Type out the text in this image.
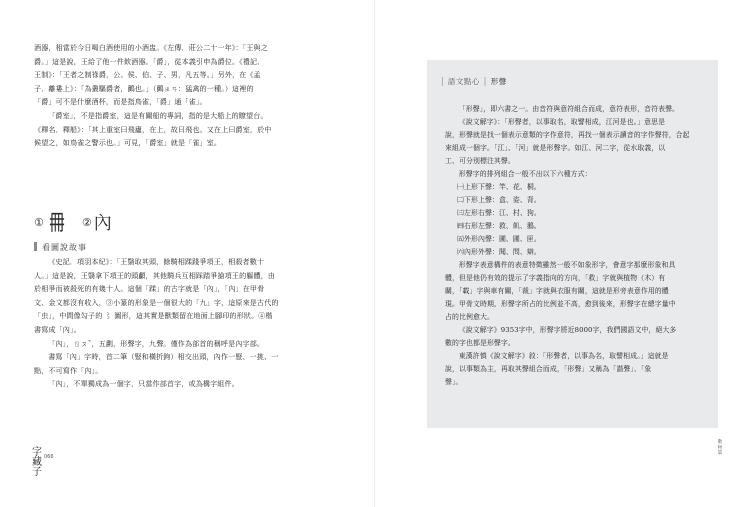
酒器，相當於今日喝白酒使用的小酒盅。《左傳．莊公二十一年》：「王與之

爵。」這是說，王給了他一件飲酒器。「爵」，從本義引申為爵位。《禮記．

王制》：「王者之制祿爵，公、侯、伯、子、男，凡五等。」另外，在《孟

子．離婁上》：「為叢驅爵者，鸇也。」（鸇ㄓㄢ：猛禽的一種。）這裡的

「爵」可不是什麼酒杯，而是指鳥雀，「爵」通「雀」。

「爵室」，不是指爵室，這是有關船的專詞，指的是大船上的瞭望台。

《釋名．釋船》：「其上重室曰飛廬，在上，故曰飛也。又在上曰爵室，於中

候望之，如鳥雀之警示也。」可見，「爵室」就是「雀」室。

① 𠕋 ② 內
看圖說故事

《史記．項羽本紀》：「王翳取其頭，餘騎相蹂踐爭項王，相殺者數十

人。」這是說，王翳拿下項王的頭顱，其他騎兵互相踩踏爭搶項王的軀體，由

於相爭而被殺死的有幾十人。這個「蹂」的古字就是「內」，「內」在甲骨

文、金文都沒有收入，③小篆的形象是一個很大的「九」字，這原來是古代的

「虫」，中間像勾子的 ⌇ 圖形，這其實是獸類留在地面上腳印的形狀。④楷

書寫成「內」。

「內」，ㄖㄡˇ，五劃，形聲字，九聲。僅作為部首的稱呼是內字部。

書寫「內」字時，首二筆（豎和橫折鉤）相交出頭，內作一豎、一挑、一

點，不可寫作「內」。

「內」，不單獨成為一個字，只當作部首字，或為構字組件。

字藏子
066
│ 語文點心 │ 形聲

「形聲」，即六書之一。由音符與意符組合而成，意符表形，音符表聲。

《說文解字》：「形聲者，以事取名，取譬相成，江河是也。」意思是

說，形聲就是找一個表示意類的字作意符，再找一個表示讀音的字作聲符，合起

來組成一個字。「江」、「河」就是形聲字。如江、河二字，從水取義，以

工、可分別標注其聲。

形聲字的排列組合一般不出以下六種方式：

㈠上形下聲：竿、花、桐。

㈡下形上聲：盒、姿、背。

㈢左形右聲：江、村、狗。

㈣右形左聲：救、飢、鵝。

㈤外形內聲：圃、圃、匣。

㈥內形外聲：聞、問、辯。

形聲字表意構件的表意特徵雖然一般不如象形字，會意字那麼形象和具

體，但是他仍有效的提示了字義指向的方向，「救」字就與植物（木）有

關，「載」字與車有關，「裁」字就與衣服有關，這就是形旁表意作用的體

現。甲骨文時期，形聲字所占的比例並不高，愈到後來，形聲字在總字量中

占的比例愈大。

《說文解字》9353字中，形聲字將近8000字，我們國語文中，絕大多

數的字也都是形聲字。

東漢許慎《說文解字》敘：「形聲者，以事為名，取譬相成。」這就是

說，以事類為主，再取其聲組合而成，「形聲」又稱為「諧聲」、「象

聲」。

動物篇
